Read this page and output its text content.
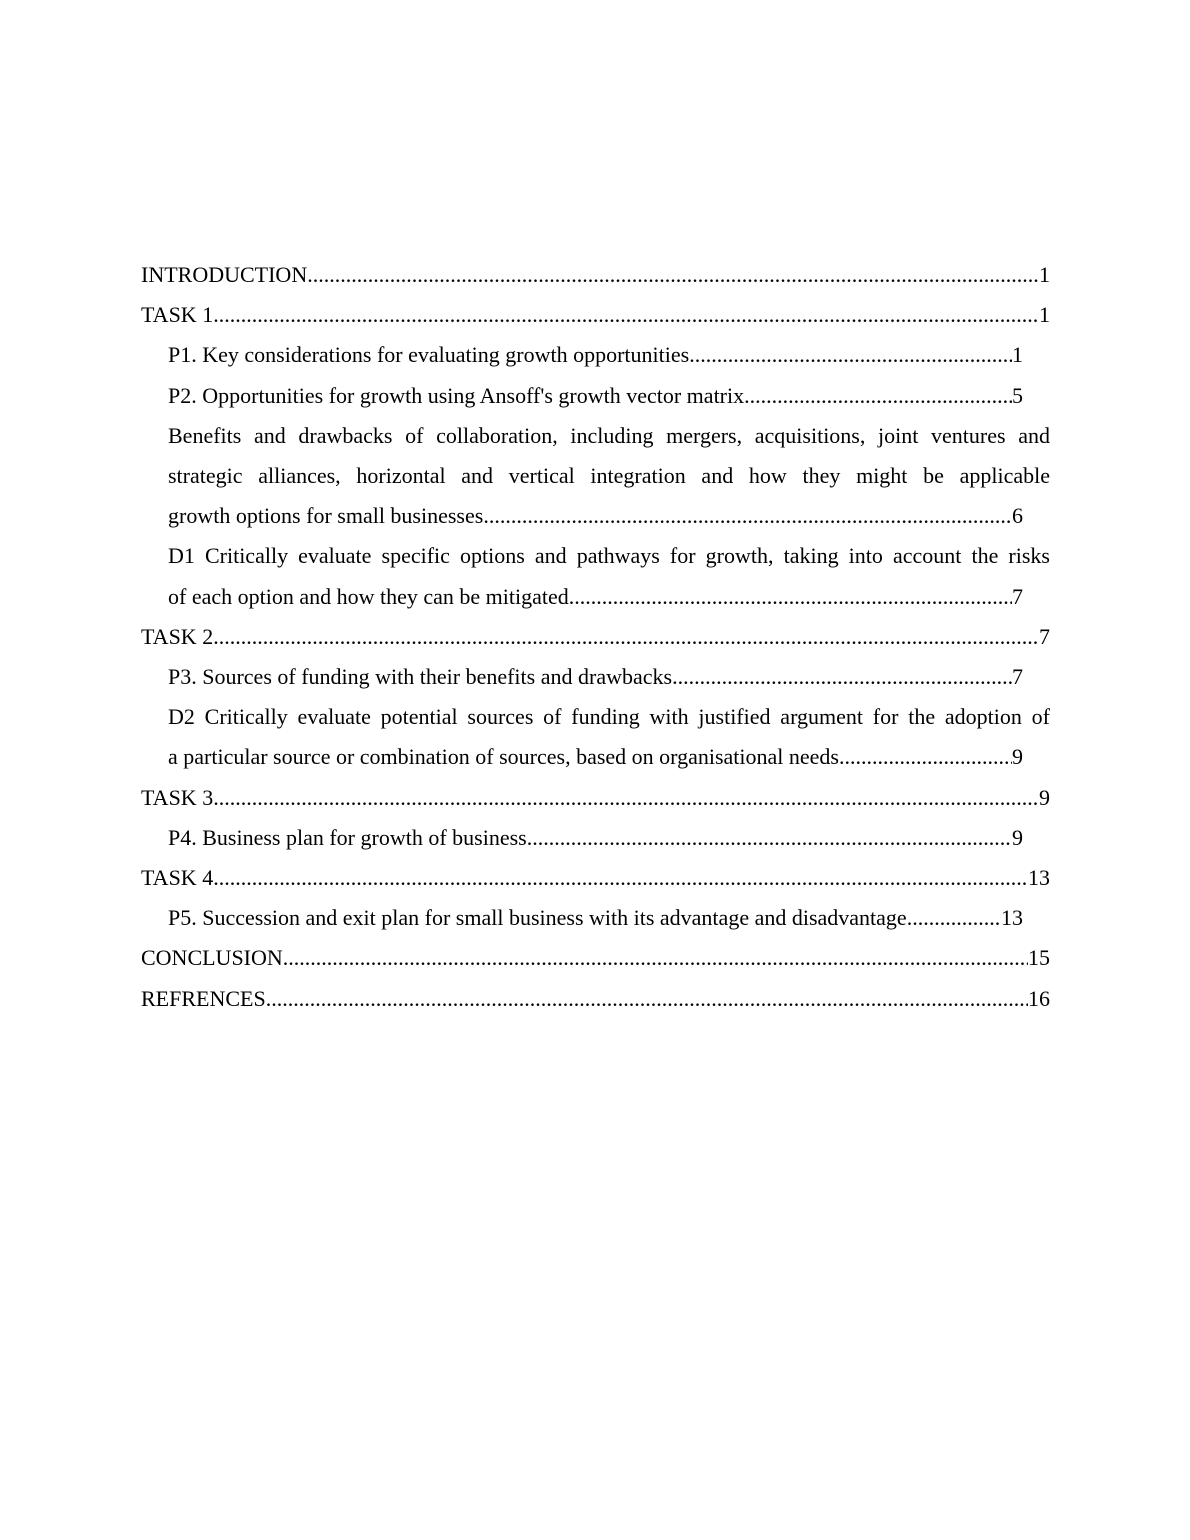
INTRODUCTION .....	1
TASK 1 .....	1
P1. Key considerations for evaluating growth opportunities .....	1
P2. Opportunities for growth using Ansoff's growth vector matrix .....	5
Benefits and drawbacks of collaboration, including mergers, acquisitions, joint ventures and strategic alliances, horizontal and vertical integration and how they might be applicable
growth options for small businesses .....	6
D1 Critically evaluate specific options and pathways for growth, taking into account the risks
of each option and how they can be mitigated. .....	7
TASK 2 .....	7
P3. Sources of funding with their benefits and drawbacks .....	7
D2 Critically evaluate potential sources of funding with justified argument for the adoption of
a particular source or combination of sources, based on organisational needs .....	9
TASK 3 .....	9
P4. Business plan for growth of business. .....	9
TASK 4 .....	13
P5. Succession and exit plan for small business with its advantage and disadvantage .....	13
CONCLUSION .....	15
REFRENCES .....	16
